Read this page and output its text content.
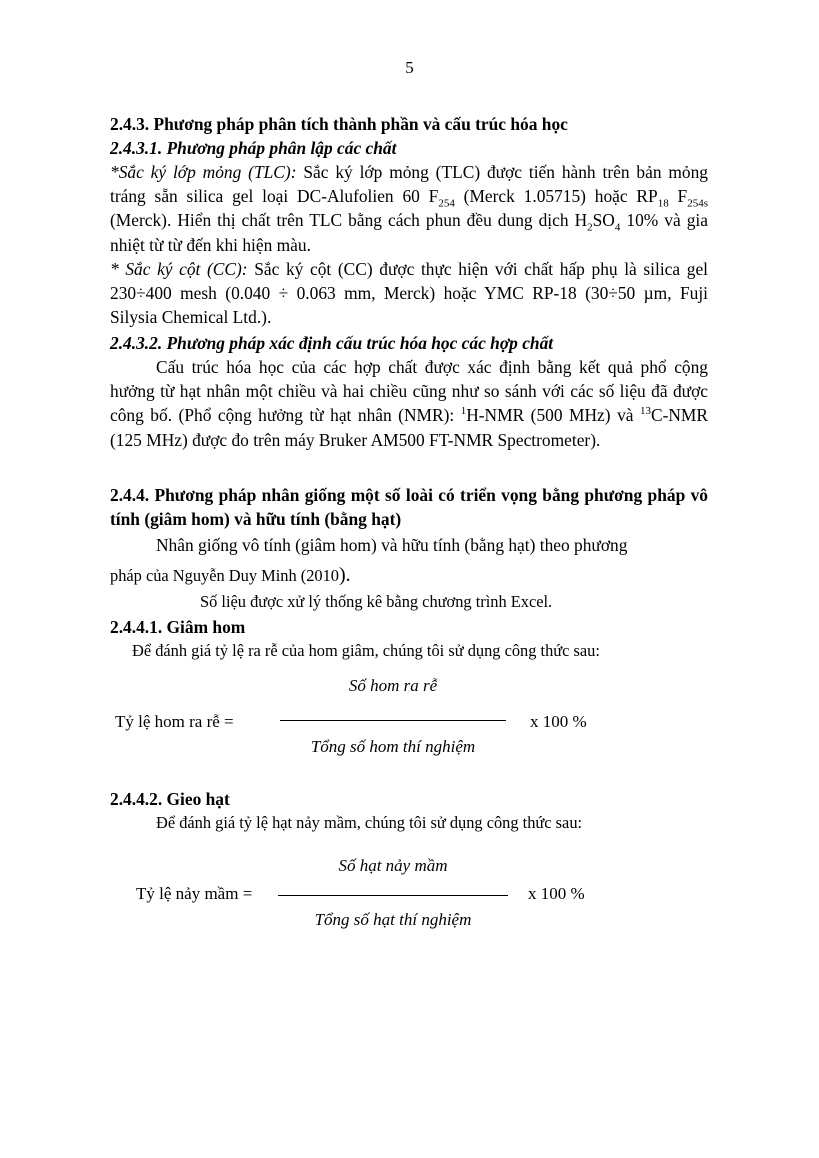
5
2.4.3. Phương pháp phân tích thành phần và cấu trúc hóa học
2.4.3.1. Phương pháp phân lập các chất
*Sắc ký lớp mỏng (TLC): Sắc ký lớp mỏng (TLC) được tiến hành trên bản mỏng tráng sẵn silica gel loại DC-Alufolien 60 $F_{254}$ (Merck 1.05715) hoặc $RP_{18}$ $F_{254s}$ (Merck). Hiển thị chất trên TLC bằng cách phun đều dung dịch $H_2SO_4$ 10% và gia nhiệt từ từ đến khi hiện màu.
* Sắc ký cột (CC): Sắc ký cột (CC) được thực hiện với chất hấp phụ là silica gel 230÷400 mesh (0.040 ÷ 0.063 mm, Merck) hoặc YMC RP-18 (30÷50 µm, Fuji Silysia Chemical Ltd.).
2.4.3.2. Phương pháp xác định cấu trúc hóa học các hợp chất
Cấu trúc hóa học của các hợp chất được xác định bằng kết quả phổ cộng hưởng từ hạt nhân một chiều và hai chiều cũng như so sánh với các số liệu đã được công bố. (Phổ cộng hưởng từ hạt nhân (NMR): $^1$H-NMR (500 MHz) và $^{13}$C-NMR (125 MHz) được đo trên máy Bruker AM500 FT-NMR Spectrometer).
2.4.4. Phương pháp nhân giống một số loài có triển vọng bằng phương pháp vô tính (giâm hom) và hữu tính (bằng hạt)
Nhân giống vô tính (giâm hom) và hữu tính (bằng hạt) theo phương
pháp của Nguyễn Duy Minh (2010).
Số liệu được xử lý thống kê bằng chương trình Excel.
2.4.4.1. Giâm hom
Để đánh giá tỷ lệ ra rễ của hom giâm, chúng tôi sử dụng công thức sau:
Số hom ra rễ
Tỷ lệ hom ra rễ =	x 100 %
Tổng số hom thí nghiệm
2.4.4.2. Gieo hạt
Để đánh giá tỷ lệ hạt nảy mầm, chúng tôi sử dụng công thức sau:
Số hạt nảy mầm
Tỷ lệ nảy mầm =	x 100 %
Tổng số hạt thí nghiệm
